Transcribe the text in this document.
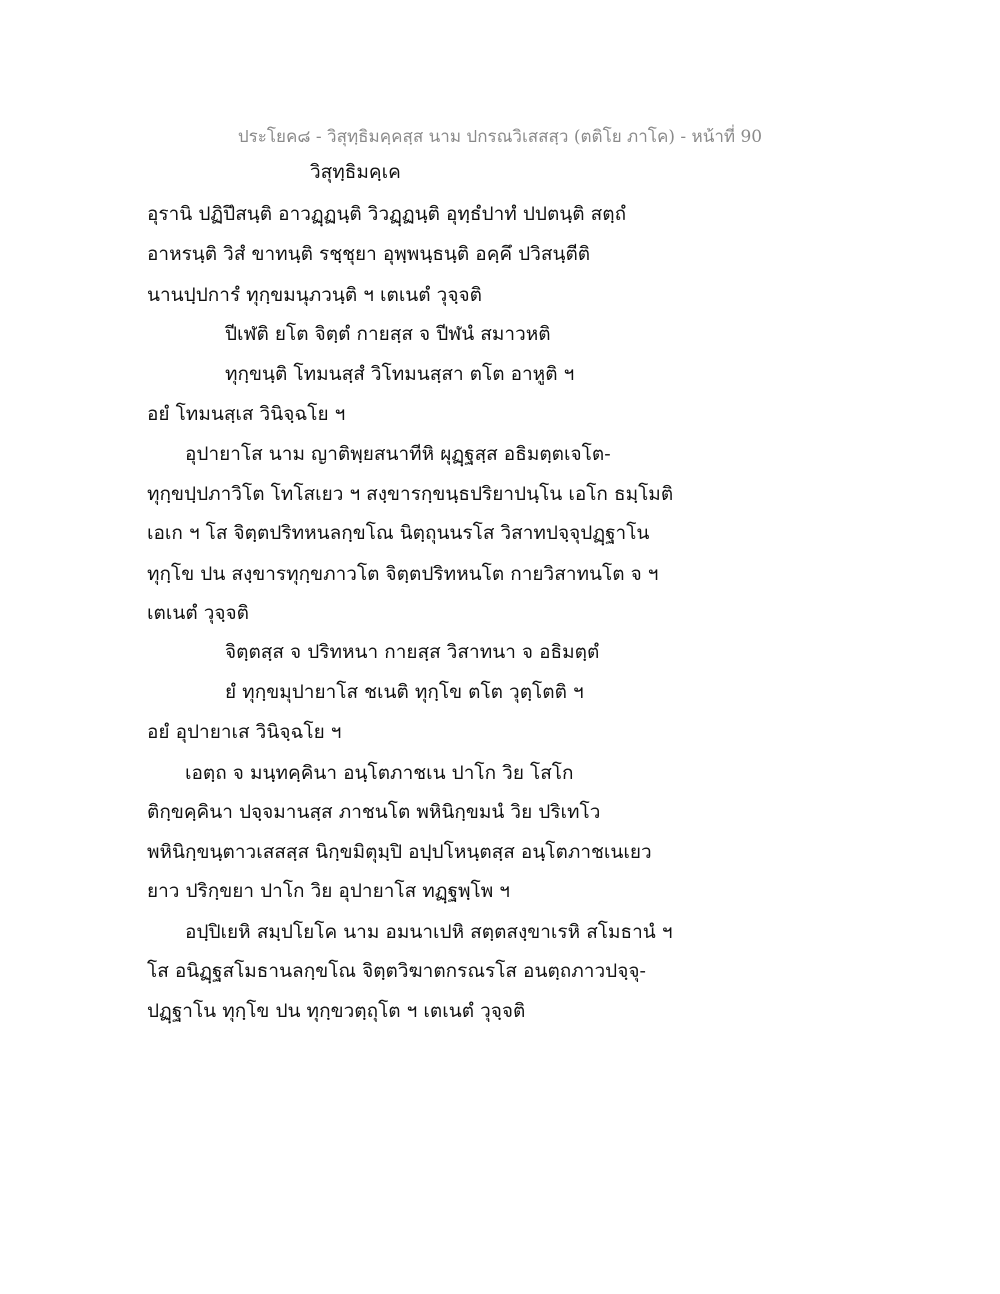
ประโยค๘ - วิสุทฺธิมคฺคสฺส นาม ปกรณวิเสสสฺว (ตติโย ภาโค) - หน้าที่ 90
วิสุทฺธิมคฺเค
อุรานิ ปฏิปึสนฺติ อาวฏฺฏนฺติ วิวฏฺฏนฺติ อุทฺธํปาทํ ปปตนฺติ สตฺถํ
อาหรนฺติ วิสํ ขาทนฺติ รชฺชุยา อุพฺพนฺธนฺติ อคฺคึ ปวิสนฺตีติ
นานปฺปการํ ทุกฺขมนุภวนฺติ ฯ เตเนตํ วุจฺจติ
ปีเฬติ ยโต จิตฺตํ กายสฺส จ ปีฬนํ สมาวหติ
ทุกฺขนฺติ โทมนสฺสํ วิโทมนสฺสา ตโต อาหูติ ฯ
อยํ โทมนสฺเส วินิจฺฉโย ฯ
อุปายาโส นาม ญาติพฺยสนาทีหิ ผุฏฺฐสฺส อธิมตฺตเจโต-
ทุกฺขปฺปภาวิโต โทโสเยว ฯ สงฺขารกฺขนฺธปริยาปนฺโน เอโก ธมฺโมติ
เอเก ฯ โส จิตฺตปริทหนลกฺขโณ นิตฺถุนนรโส วิสาทปจฺจุปฏฺฐาโน
ทุกฺโข ปน สงฺขารทุกฺขภาวโต จิตฺตปริทหนโต กายวิสาทนโต จ ฯ
เตเนตํ วุจฺจติ
จิตฺตสฺส จ ปริทหนา กายสฺส วิสาทนา จ อธิมตฺตํ
ยํ ทุกฺขมุปายาโส ชเนติ ทุกฺโข ตโต วุตฺโตติ ฯ
อยํ อุปายาเส วินิจฺฉโย ฯ
เอตฺถ จ มนฺทคฺคินา อนฺโตภาชเน ปาโก วิย โสโก
ติกฺขคฺคินา ปจฺจมานสฺส ภาชนโต พหินิกฺขมนํ วิย ปริเทโว
พหินิกฺขนฺตาวเสสสฺส นิกฺขมิตุมฺปิ อปฺปโหนฺตสฺส อนฺโตภาชเนเยว
ยาว ปริกฺขยา ปาโก วิย อุปายาโส ทฏฺฐพฺโพ ฯ
อปฺปิเยหิ สมฺปโยโค นาม อมนาเปหิ สตฺตสงฺขาเรหิ สโมธานํ ฯ
โส อนิฏฺฐสโมธานลกฺขโณ จิตฺตวิฆาตกรณรโส อนตฺถภาวปจฺจุ-
ปฏฺฐาโน ทุกฺโข ปน ทุกฺขวตฺถุโต ฯ เตเนตํ วุจฺจติ
